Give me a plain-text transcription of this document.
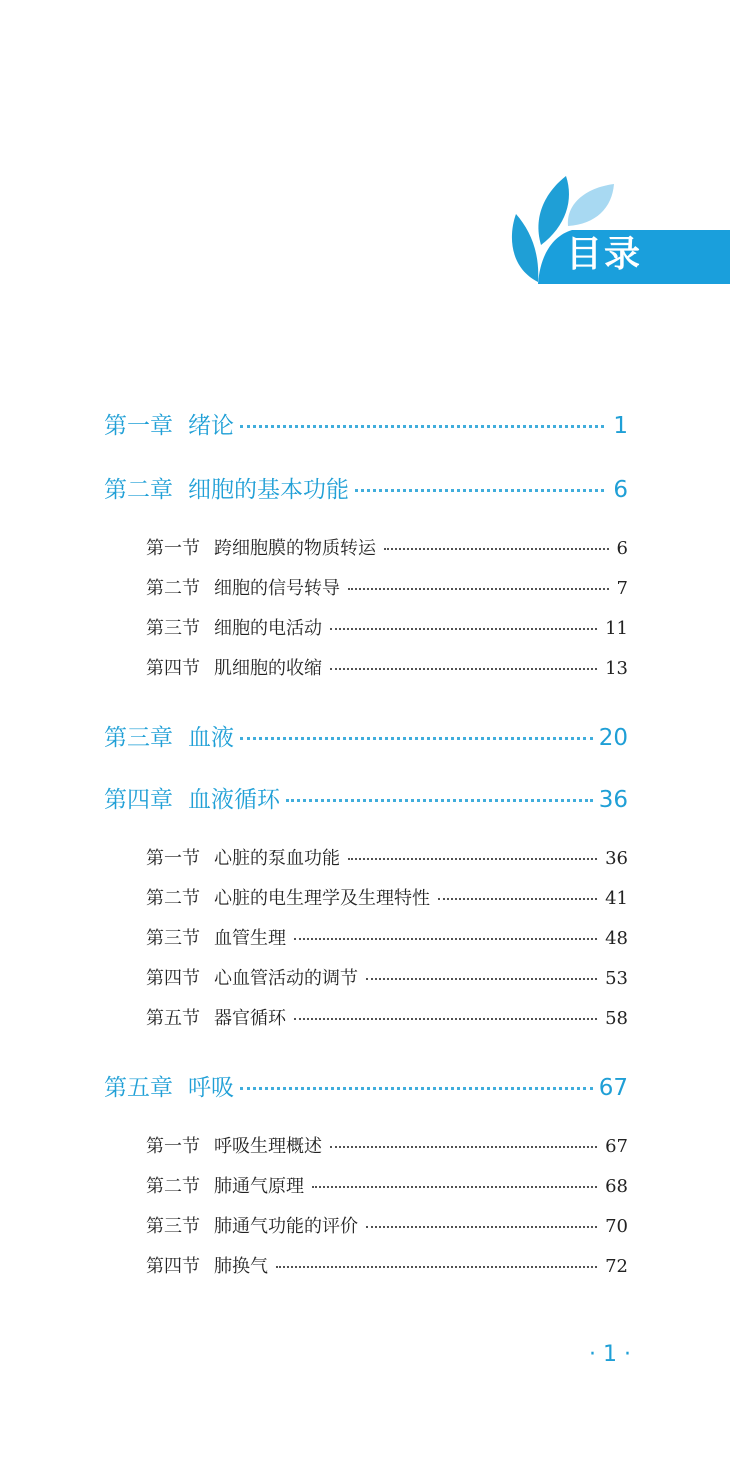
目录
第一章 绪论	1
第二章 细胞的基本功能	6
第一节 跨细胞膜的物质转运	6
第二节 细胞的信号转导	7
第三节 细胞的电活动	11
第四节 肌细胞的收缩	13
第三章 血液	20
第四章 血液循环	36
第一节 心脏的泵血功能	36
第二节 心脏的电生理学及生理特性	41
第三节 血管生理	48
第四节 心血管活动的调节	53
第五节 器官循环	58
第五章 呼吸	67
第一节 呼吸生理概述	67
第二节 肺通气原理	68
第三节 肺通气功能的评价	70
第四节 肺换气	72
· 1 ·
